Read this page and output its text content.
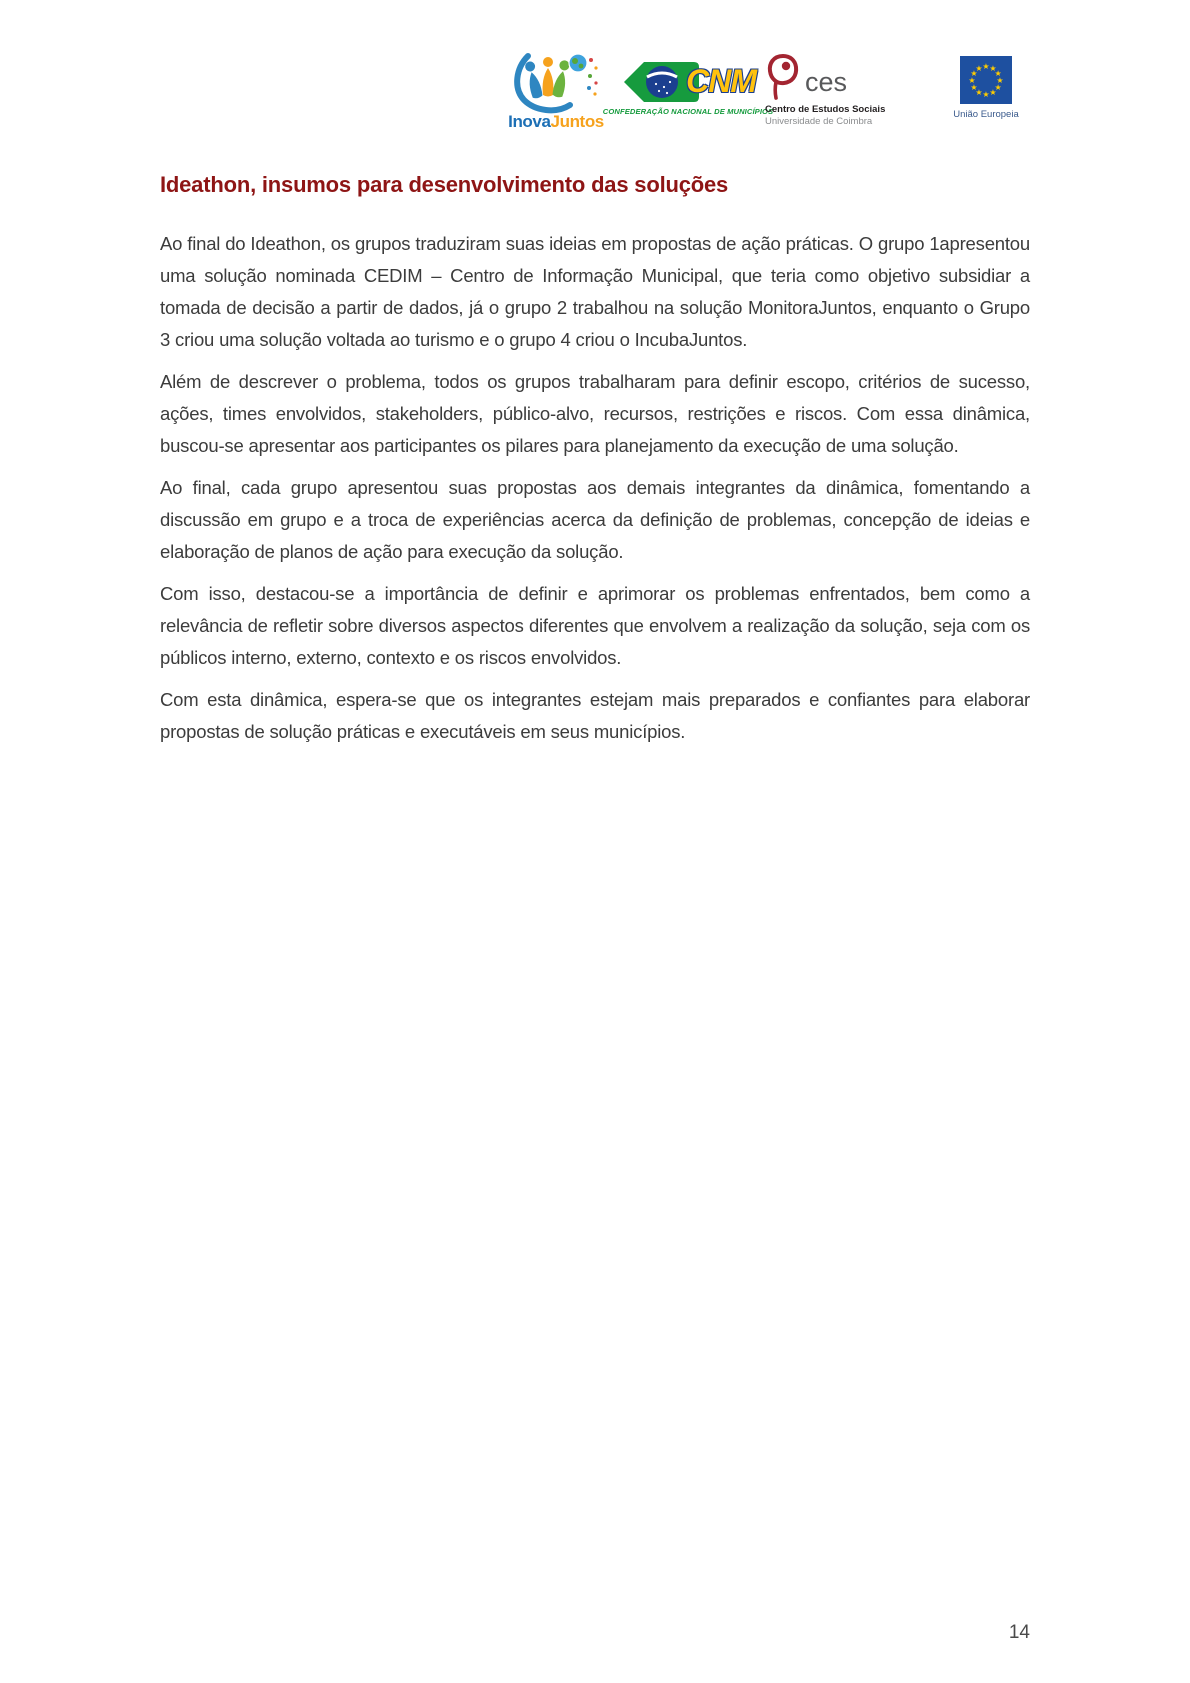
InovaJuntos
CNM
CONFEDERAÇÃO NACIONAL DE MUNICÍPIOS
ces
Centro de Estudos Sociais
Universidade de Coimbra
★ ★
★
★
★
★
★
★
★
★
★
★
União Europeia
Ideathon, insumos para desenvolvimento das soluções

Ao final do Ideathon, os grupos traduziram suas ideias em propostas de ação práticas. O grupo 1apresentou uma solução nominada CEDIM – Centro de Informação Municipal, que teria como objetivo subsidiar a tomada de decisão a partir de dados, já o grupo 2 trabalhou na solução MonitoraJuntos, enquanto o Grupo 3 criou uma solução voltada ao turismo e o grupo 4 criou o IncubaJuntos.

Além de descrever o problema, todos os grupos trabalharam para definir escopo, critérios de sucesso, ações, times envolvidos, stakeholders, público-alvo, recursos, restrições e riscos. Com essa dinâmica, buscou-se apresentar aos participantes os pilares para planejamento da execução de uma solução.

Ao final, cada grupo apresentou suas propostas aos demais integrantes da dinâmica, fomentando a discussão em grupo e a troca de experiências acerca da definição de problemas, concepção de ideias e elaboração de planos de ação para execução da solução.

Com isso, destacou-se a importância de definir e aprimorar os problemas enfrentados, bem como a relevância de refletir sobre diversos aspectos diferentes que envolvem a realização da solução, seja com os públicos interno, externo, contexto e os riscos envolvidos.

Com esta dinâmica, espera-se que os integrantes estejam mais preparados e confiantes para elaborar propostas de solução práticas e executáveis em seus municípios.

14
